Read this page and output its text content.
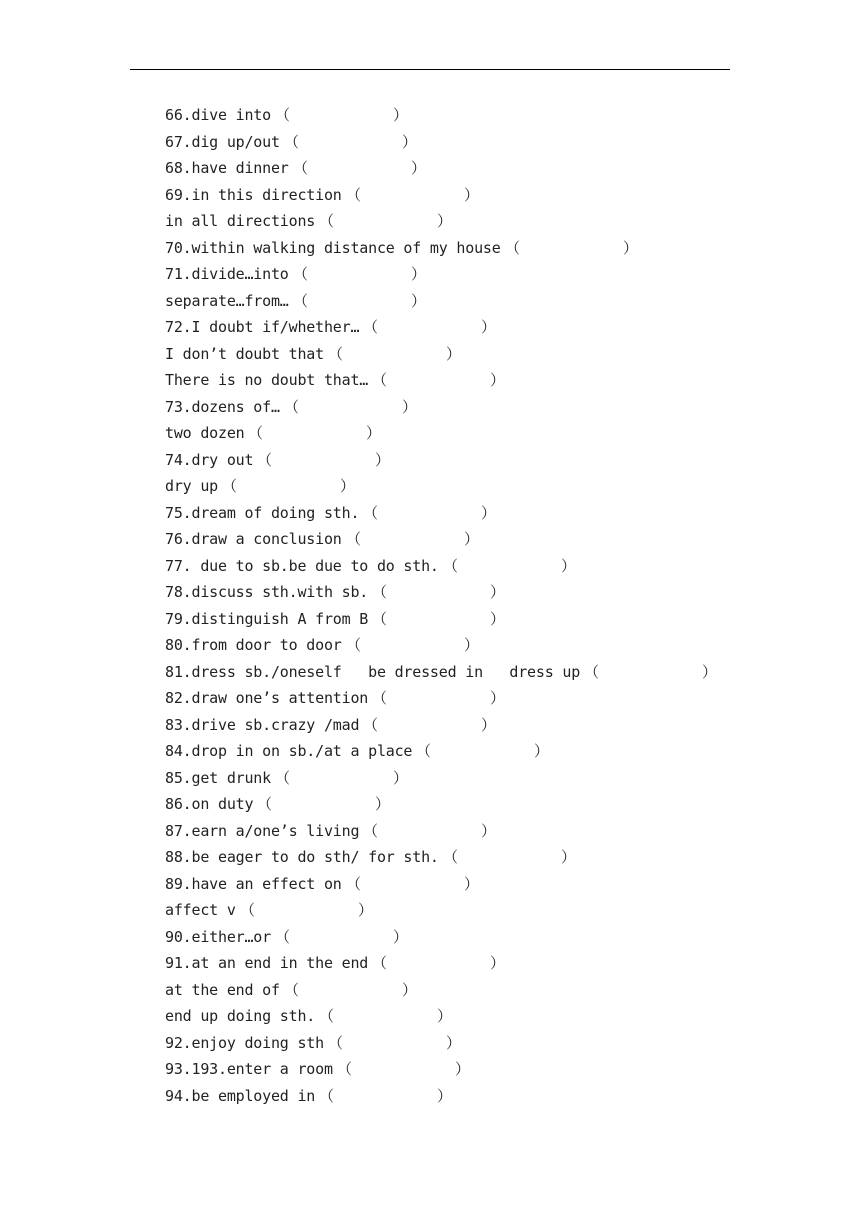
66.dive into （	）
67.dig up/out （	）
68.have dinner （	）
69.in this direction （	）
in all directions （	）
70.within walking distance of my house （	）
71.divide…into （	）
separate…from… （	）
72.I doubt if/whether… （	）
I don’t doubt that （	）
There is no doubt that… （	）
73.dozens of… （	）
two dozen （	）
74.dry out （	）
dry up （	）
75.dream of doing sth. （	）
76.draw a conclusion （	）
77. due to sb.be due to do sth. （	）
78.discuss sth.with sb. （	）
79.distinguish A from B （	）
80.from door to door （	）
81.dress sb./oneself   be dressed in   dress up （	）
82.draw one’s attention （	）
83.drive sb.crazy /mad （	）
84.drop in on sb./at a place （	）
85.get drunk （	）
86.on duty （	）
87.earn a/one’s living （	）
88.be eager to do sth/ for sth. （	）
89.have an effect on （	）
affect v （	）
90.either…or （	）
91.at an end in the end （	）
at the end of （	）
end up doing sth. （	）
92.enjoy doing sth （	）
93.193.enter a room （	）
94.be employed in （	）
